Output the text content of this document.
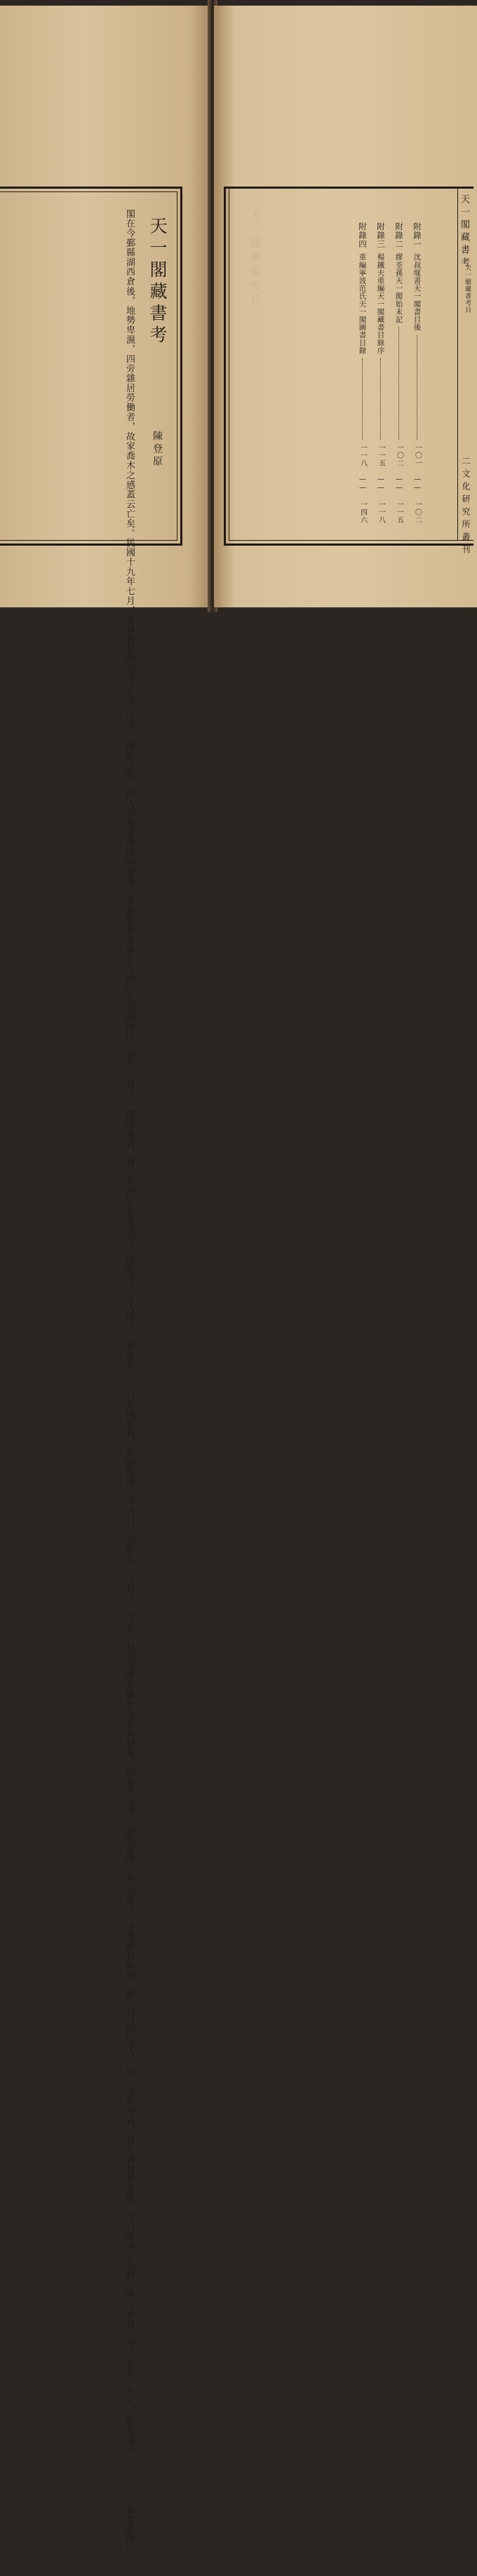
閣在今鄞縣湖西倉後，地勢卑濕，四旁雜居勞働者，故家喬木之感蓋云亡矣。
民國十九年七月，余執教於湖西市立女子中學，課餘之暇，同人等抵掌論四
明掌故，余猶憶新會梁先生談次及梨洲謝山，梁氏以爲天一閣所藏書，實大
有助於黃萬全等，因從甬上友人問天一掌故焉。
一日久雨新霽，道路泥濘，不可行，余偕友三人爲天一之遊，杜君天縻年雖
壯而意氣猶豪，因推爲先導，鳥歌泥滑，相向道苦，卒後雖見垣牆，顧不得其門
而入，問人亦無知者，當年畫棟橫朱樓，今日塵埃在荊棘，撫今視昔，亦可哀矣。
久之，始從牆中……
入之，始從牆隙中……
天一閣藏書考
陳登原
天一閣藏書考目	附錄一
沈叔埏書天一閣書目後
一〇一 —— 一〇二
附錄二
繆荃孫天一閣始末記
一〇二 —— 一一五
附錄三
楊鐵夫重編天一閣藏書目錄序
一一五 —— 一一八
附錄四
重編寧波范氏天一閣圖書目錄
一一八 —— 一四六
天一閣藏書考
天一閣藏書考目
二文化研究所叢刊
